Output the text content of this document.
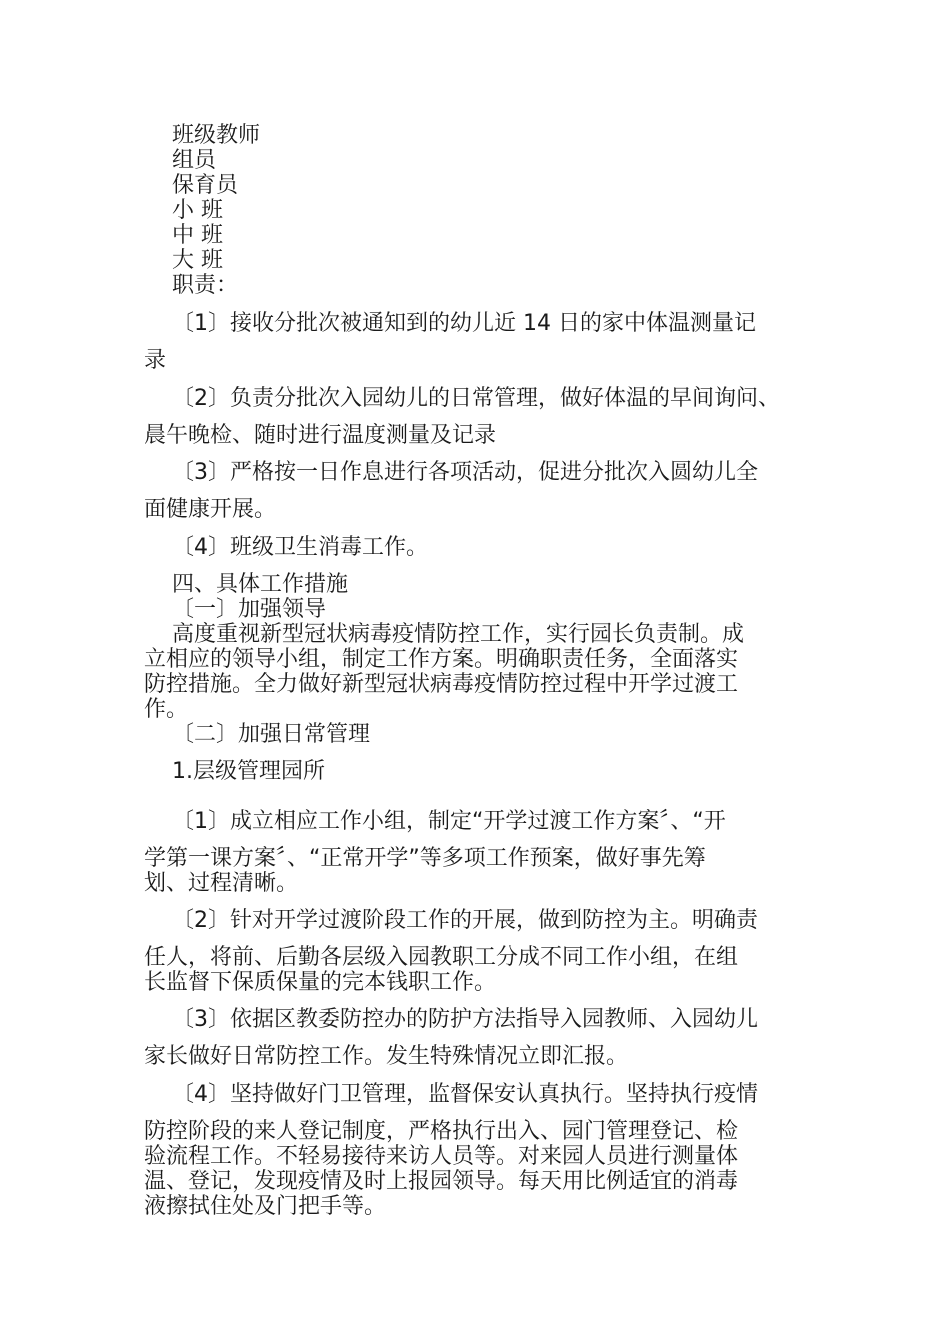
班级教师
组员
保育员
小 班
中 班
大 班
职责：
〔1〕接收分批次被通知到的幼儿近 14 日的家中体温测量记
录
〔2〕负责分批次入园幼儿的日常管理，做好体温的早间询问、
晨午晚检、随时进行温度测量及记录
〔3〕严格按一日作息进行各项活动，促进分批次入圆幼儿全
面健康开展。
〔4〕班级卫生消毒工作。
四、具体工作措施
〔一〕加强领导
高度重视新型冠状病毒疫情防控工作，实行园长负责制。成
立相应的领导小组，制定工作方案。明确职责任务，全面落实
防控措施。全力做好新型冠状病毒疫情防控过程中开学过渡工
作。
〔二〕加强日常管理
1.层级管理园所
〔1〕成立相应工作小组，制定“开学过渡工作方案〞、“开
学第一课方案〞、“正常开学”等多项工作预案，做好事先筹
划、过程清晰。
〔2〕针对开学过渡阶段工作的开展，做到防控为主。明确责
任人，将前、后勤各层级入园教职工分成不同工作小组，在组
长监督下保质保量的完本钱职工作。
〔3〕依据区教委防控办的防护方法指导入园教师、入园幼儿
家长做好日常防控工作。发生特殊情况立即汇报。
〔4〕坚持做好门卫管理，监督保安认真执行。坚持执行疫情
防控阶段的来人登记制度，严格执行出入、园门管理登记、检
验流程工作。不轻易接待来访人员等。对来园人员进行测量体
温、登记，发现疫情及时上报园领导。每天用比例适宜的消毒
液擦拭住处及门把手等。
